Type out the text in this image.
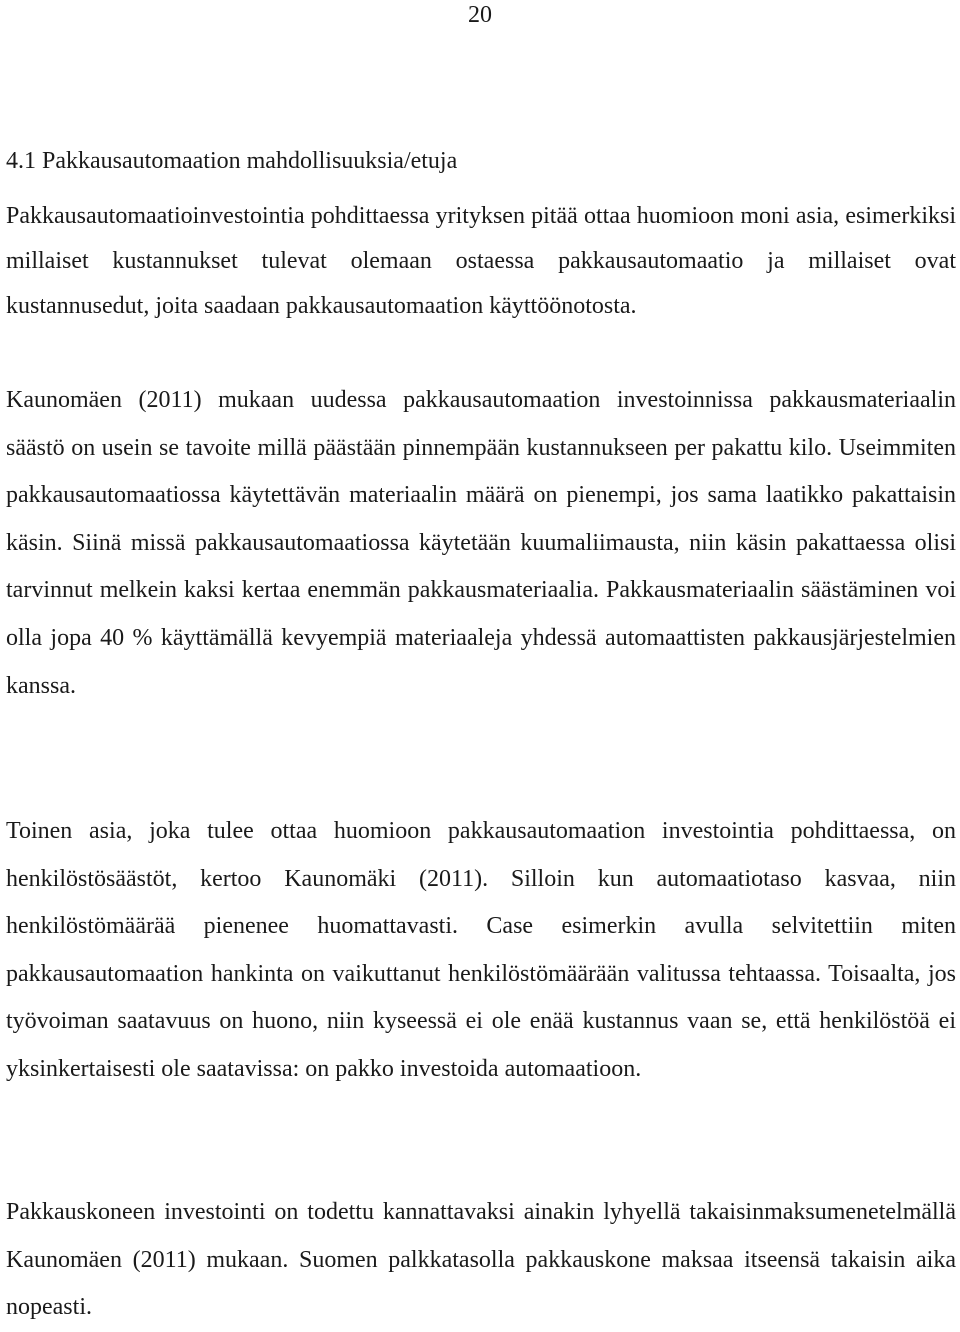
20
4.1 Pakkausautomaation mahdollisuuksia/etuja

Pakkausautomaatioinvestointia pohdittaessa yrityksen pitää ottaa huomioon moni asia, esimerkiksi millaiset kustannukset tulevat olemaan ostaessa pakkausautomaatio ja millaiset ovat kustannusedut, joita saadaan pakkausautomaation käyttöönotosta.

Kaunomäen (2011) mukaan uudessa pakkausautomaation investoinnissa pakkausmateriaalin säästö on usein se tavoite millä päästään pinnempään kustannukseen per pakattu kilo. Useimmiten pakkausautomaatiossa käytettävän materiaalin määrä on pienempi, jos sama laatikko pakattaisin käsin. Siinä missä pakkausautomaatiossa käytetään kuumaliimausta, niin käsin pakattaessa olisi tarvinnut melkein kaksi kertaa enemmän pakkausmateriaalia. Pakkausmateriaalin säästäminen voi olla jopa 40 % käyttämällä kevyempiä materiaaleja yhdessä automaattisten pakkausjärjestelmien kanssa.

Toinen asia, joka tulee ottaa huomioon pakkausautomaation investointia pohdittaessa, on henkilöstösäästöt, kertoo Kaunomäki (2011). Silloin kun automaatiotaso kasvaa, niin henkilöstömäärää pienenee huomattavasti. Case esimerkin avulla selvitettiin miten pakkausautomaation hankinta on vaikuttanut henkilöstömäärään valitussa tehtaassa. Toisaalta, jos työvoiman saatavuus on huono, niin kyseessä ei ole enää kustannus vaan se, että henkilöstöä ei yksinkertaisesti ole saatavissa: on pakko investoida automaatioon.

Pakkauskoneen investointi on todettu kannattavaksi ainakin lyhyellä takaisinmaksumenetelmällä Kaunomäen (2011) mukaan. Suomen palkkatasolla pakkauskone maksaa itseensä takaisin aika nopeasti.
